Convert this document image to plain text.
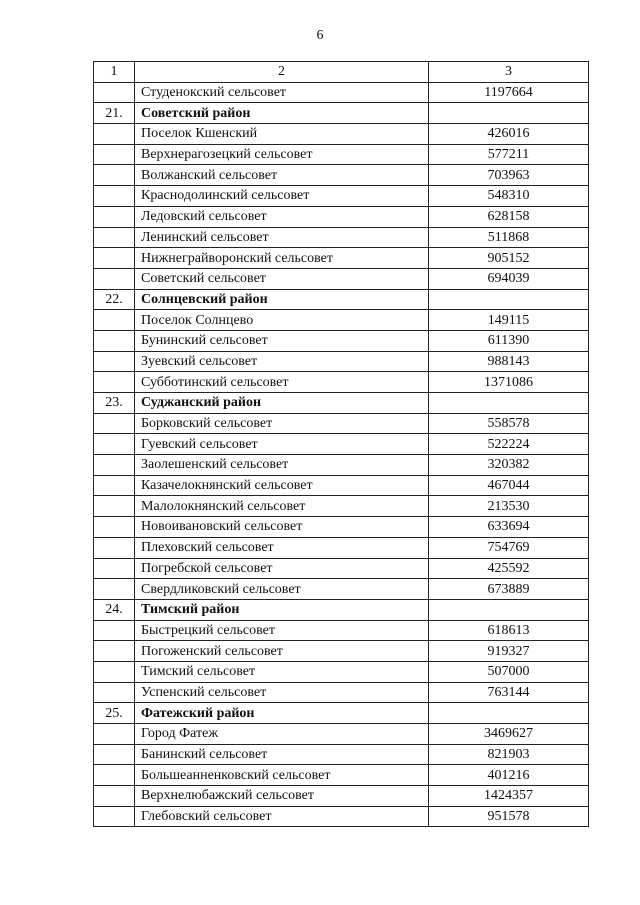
6
1	2	3
	Студенокский сельсовет	1197664
21.	Советский район	
	Поселок Кшенский	426016
	Верхнерагозецкий сельсовет	577211
	Волжанский сельсовет	703963
	Краснодолинский сельсовет	548310
	Ледовский сельсовет	628158
	Ленинский сельсовет	511868
	Нижнеграйворонский сельсовет	905152
	Советский сельсовет	694039
22.	Солнцевский район	
	Поселок Солнцево	149115
	Бунинский сельсовет	611390
	Зуевский сельсовет	988143
	Субботинский сельсовет	1371086
23.	Суджанский район	
	Борковский сельсовет	558578
	Гуевский сельсовет	522224
	Заолешенский сельсовет	320382
	Казачелокнянский сельсовет	467044
	Малолокнянский сельсовет	213530
	Новоивановский сельсовет	633694
	Плеховский сельсовет	754769
	Погребской сельсовет	425592
	Свердликовский сельсовет	673889
24.	Тимский район	
	Быстрецкий сельсовет	618613
	Погоженский сельсовет	919327
	Тимский сельсовет	507000
	Успенский сельсовет	763144
25.	Фатежский район	
	Город Фатеж	3469627
	Банинский сельсовет	821903
	Большеанненковский сельсовет	401216
	Верхнелюбажский сельсовет	1424357
	Глебовский сельсовет	951578
